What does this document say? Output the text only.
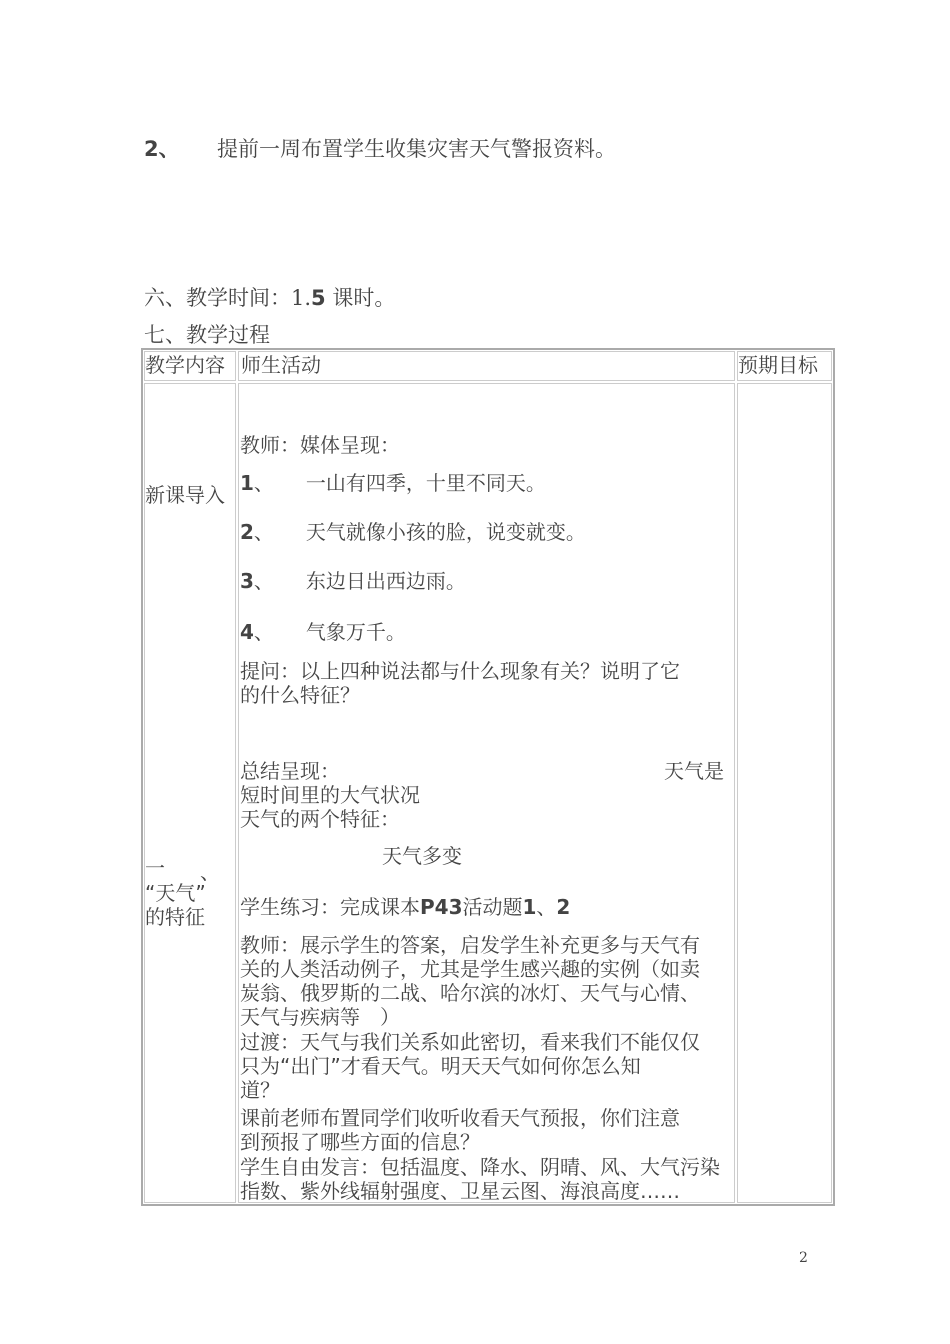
2、 提前一周布置学生收集灾害天气警报资料。
六、教学时间：1.5 课时。
七、教学过程
教学内容 师生活动	预期目标
新课导入
一 、
“天气”
的特征
教师：媒体呈现：
1、 一山有四季，十里不同天。
2、 天气就像小孩的脸，说变就变。
3、 东边日出西边雨。
4、 气象万千。
提问：以上四种说法都与什么现象有关？说明了它
的什么特征？
总结呈现：	天气是
短时间里的大气状况
天气的两个特征：
天气多变
学生练习：完成课本P43活动题1、2
教师：展示学生的答案，启发学生补充更多与天气有
关的人类活动例子，尤其是学生感兴趣的实例（如卖
炭翁、俄罗斯的二战、哈尔滨的冰灯、天气与心情、
天气与疾病等　）
过渡：天气与我们关系如此密切，看来我们不能仅仅
只为“出门”才看天气。明天天气如何你怎么知
道？
课前老师布置同学们收听收看天气预报，你们注意
到预报了哪些方面的信息？
学生自由发言：包括温度、降水、阴晴、风、大气污染
指数、紫外线辐射强度、卫星云图、海浪高度……
2
